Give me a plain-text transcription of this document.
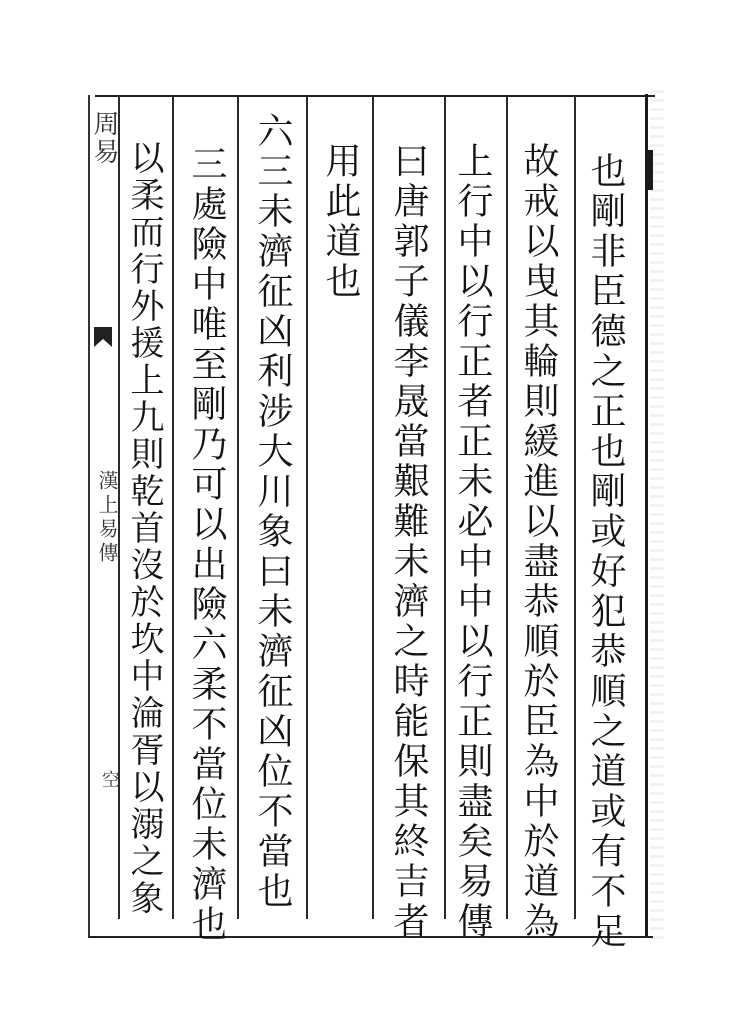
周易
漢上易傳
空	也剛非臣德之正也剛或好犯恭順之道或有不足
故戒以曳其輪則緩進以盡恭順於臣為中於道為
上行中以行正者正未必中中以行正則盡矣易傳
曰唐郭子儀李晟當艱難未濟之時能保其終吉者
用此道也
六三未濟征凶利涉大川象曰未濟征凶位不當也
三處險中唯至剛乃可以出險六柔不當位未濟也
以柔而行外援上九則乾首沒於坎中淪胥以溺之象
